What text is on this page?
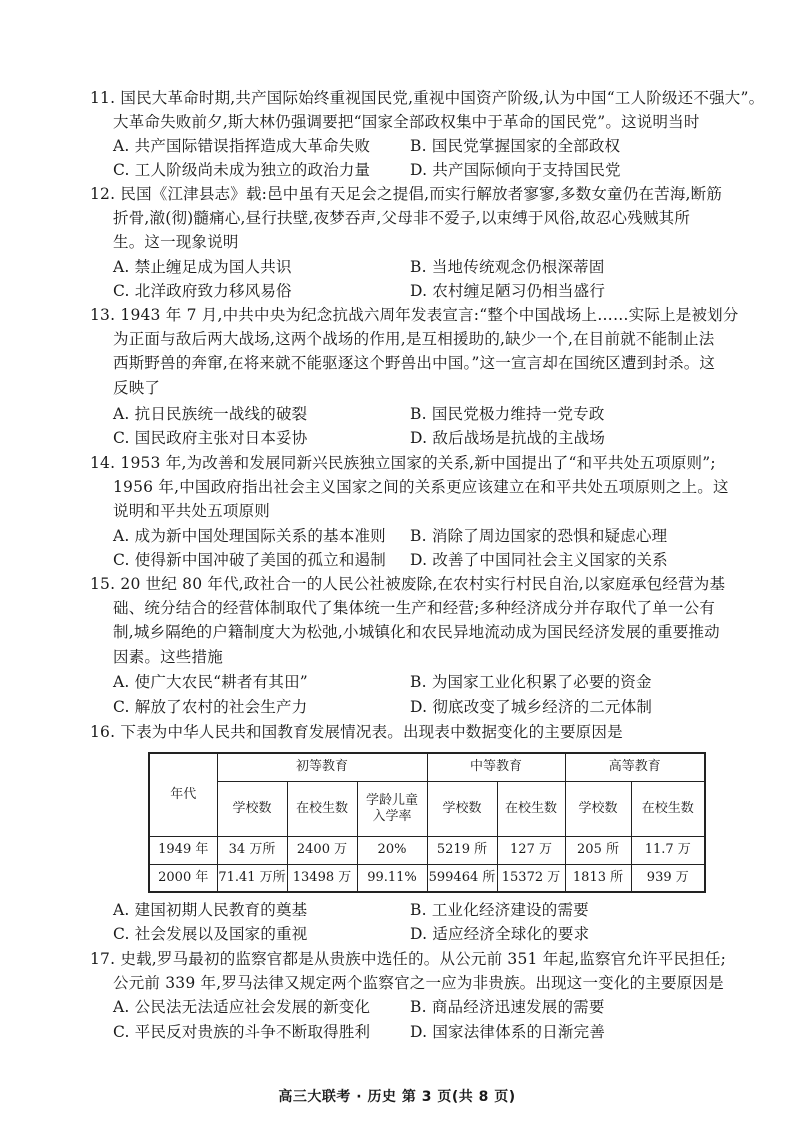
11. 国民大革命时期,共产国际始终重视国民党,重视中国资产阶级,认为中国“工人阶级还不强大”。
大革命失败前夕,斯大林仍强调要把“国家全部政权集中于革命的国民党”。这说明当时
A. 共产国际错误指挥造成大革命失败	B. 国民党掌握国家的全部政权
C. 工人阶级尚未成为独立的政治力量	D. 共产国际倾向于支持国民党
12. 民国《江津县志》载:邑中虽有天足会之提倡,而实行解放者寥寥,多数女童仍在苦海,断筋
折骨,澈(彻)髓痛心,昼行扶壁,夜梦吞声,父母非不爱子,以束缚于风俗,故忍心残贼其所
生。这一现象说明
A. 禁止缠足成为国人共识	B. 当地传统观念仍根深蒂固
C. 北洋政府致力移风易俗	D. 农村缠足陋习仍相当盛行
13. 1943 年 7 月,中共中央为纪念抗战六周年发表宣言:“整个中国战场上……实际上是被划分
为正面与敌后两大战场,这两个战场的作用,是互相援助的,缺少一个,在目前就不能制止法
西斯野兽的奔窜,在将来就不能驱逐这个野兽出中国。”这一宣言却在国统区遭到封杀。这
反映了
A. 抗日民族统一战线的破裂	B. 国民党极力维持一党专政
C. 国民政府主张对日本妥协	D. 敌后战场是抗战的主战场
14. 1953 年,为改善和发展同新兴民族独立国家的关系,新中国提出了“和平共处五项原则”;
1956 年,中国政府指出社会主义国家之间的关系更应该建立在和平共处五项原则之上。这
说明和平共处五项原则
A. 成为新中国处理国际关系的基本准则 B. 消除了周边国家的恐惧和疑虑心理
C. 使得新中国冲破了美国的孤立和遏制 D. 改善了中国同社会主义国家的关系
15. 20 世纪 80 年代,政社合一的人民公社被废除,在农村实行村民自治,以家庭承包经营为基
础、统分结合的经营体制取代了集体统一生产和经营;多种经济成分并存取代了单一公有
制,城乡隔绝的户籍制度大为松弛,小城镇化和农民异地流动成为国民经济发展的重要推动
因素。这些措施
A. 使广大农民“耕者有其田”	B. 为国家工业化积累了必要的资金
C. 解放了农村的社会生产力	D. 彻底改变了城乡经济的二元体制
16. 下表为中华人民共和国教育发展情况表。出现表中数据变化的主要原因是
年代	初等教育			中等教育		高等教育	
	学校数	在校生数	学龄儿童入学率	学校数	在校生数	学校数	在校生数
1949 年	34 万所	2400 万	20%	5219 所	127 万	205 所	11.7 万
2000 年	71.41 万所	13498 万	99.11%	599464 所	15372 万	1813 所	939 万
A. 建国初期人民教育的奠基	B. 工业化经济建设的需要
C. 社会发展以及国家的重视	D. 适应经济全球化的要求
17. 史载,罗马最初的监察官都是从贵族中选任的。从公元前 351 年起,监察官允许平民担任;
公元前 339 年,罗马法律又规定两个监察官之一应为非贵族。出现这一变化的主要原因是
A. 公民法无法适应社会发展的新变化	B. 商品经济迅速发展的需要
C. 平民反对贵族的斗争不断取得胜利	D. 国家法律体系的日渐完善
高三大联考 · 历史 第 3 页(共 8 页)
